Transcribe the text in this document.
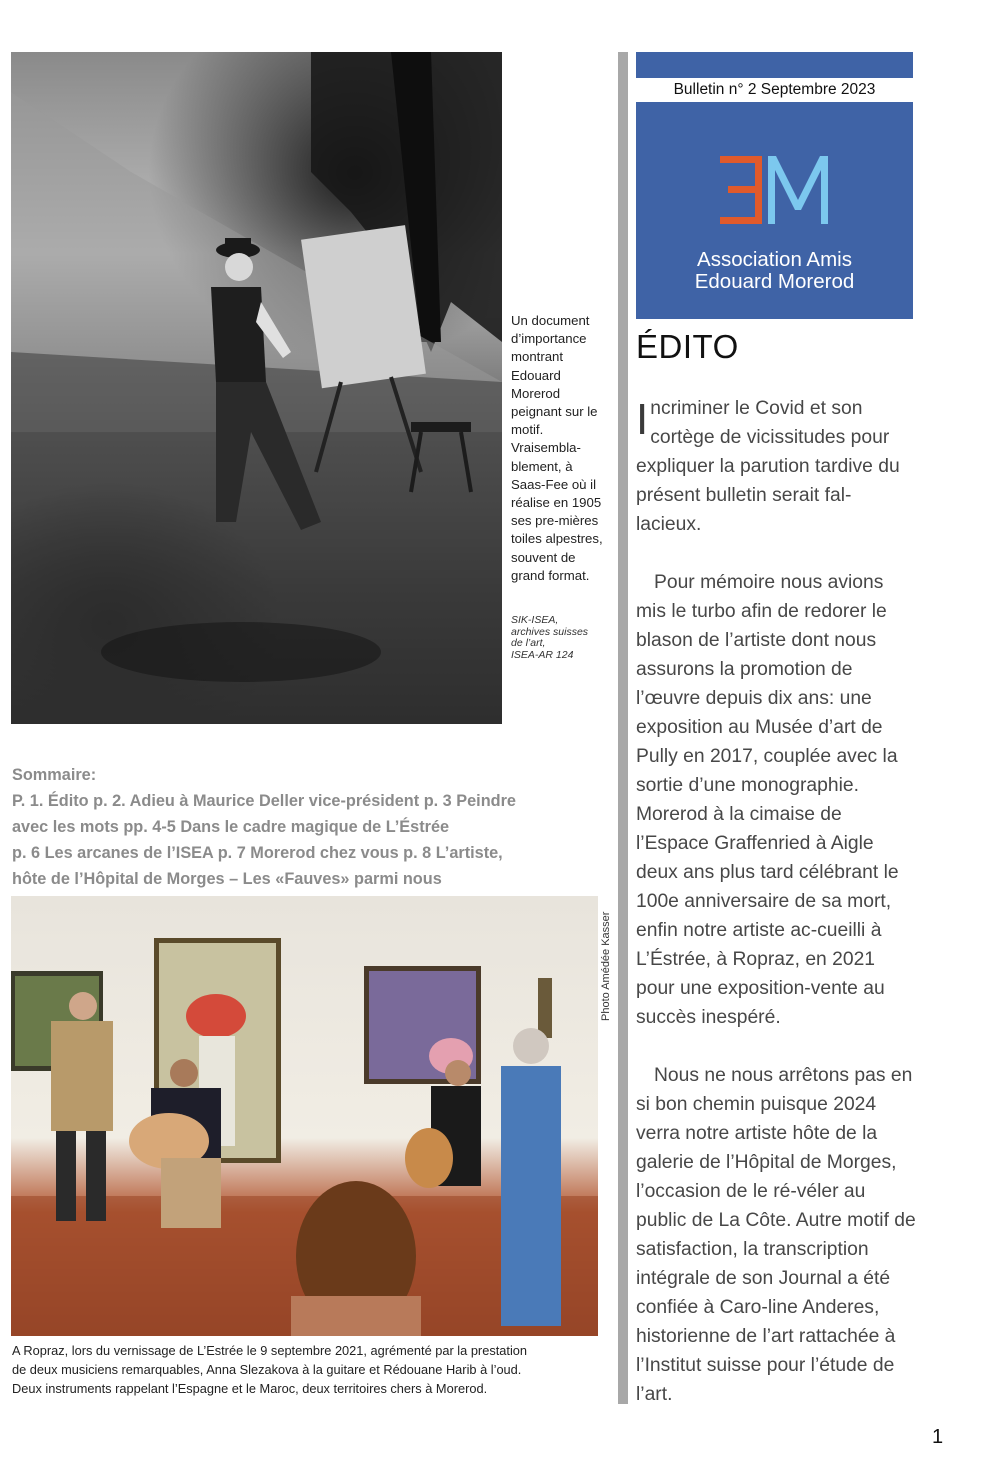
Un document d’importance montrant Edouard Morerod peignant sur le motif. Vraisembla-blement, à Saas-Fee où il réalise en 1905 ses pre-mières toiles alpestres, souvent de grand format.
SIK-ISEA,
archives suisses
de l’art,
ISEA-AR 124

Sommaire:

P. 1. Édito p. 2. Adieu à Maurice Deller vice-président p. 3 Peindre

avec les mots pp. 4-5 Dans le cadre magique de L’Éstrée

p. 6 Les arcanes de l’ISEA p. 7 Morerod chez vous p. 8 L’artiste,

hôte de l’Hôpital de Morges – Les «Fauves» parmi nous

Photo Amédée Kasser
A Ropraz, lors du vernissage de L’Estrée le 9 septembre 2021, agrémenté par la prestation
de deux musiciens remarquables, Anna Slezakova à la guitare et Rédouane Harib à l’oud.
Deux instruments rappelant l’Espagne et le Maroc, deux territoires chers à Morerod.
Bulletin n° 2 Septembre 2023
Association Amis
Edouard Morerod
ÉDITO

Incriminer le Covid et son cortège de vicissitudes pour expliquer la parution tardive du présent bulletin serait fal-lacieux.

Pour mémoire nous avions mis le turbo afin de redorer le blason de l’artiste dont nous assurons la promotion de l’œuvre depuis dix ans: une exposition au Musée d’art de Pully en 2017, couplée avec la sortie d’une monographie. Morerod à la cimaise de l’Espace Graffenried à Aigle deux ans plus tard célébrant le 100e anniversaire de sa mort, enfin notre artiste ac-cueilli à L’Éstrée, à Ropraz, en 2021 pour une exposition-vente au succès inespéré.

Nous ne nous arrêtons pas en si bon chemin puisque 2024 verra notre artiste hôte de la galerie de l’Hôpital de Morges, l’occasion de le ré-véler au public de La Côte. Autre motif de satisfaction, la transcription intégrale de son Journal a été confiée à Caro-line Anderes, historienne de l’art rattachée à l’Institut suisse pour l’étude de l’art.

1
